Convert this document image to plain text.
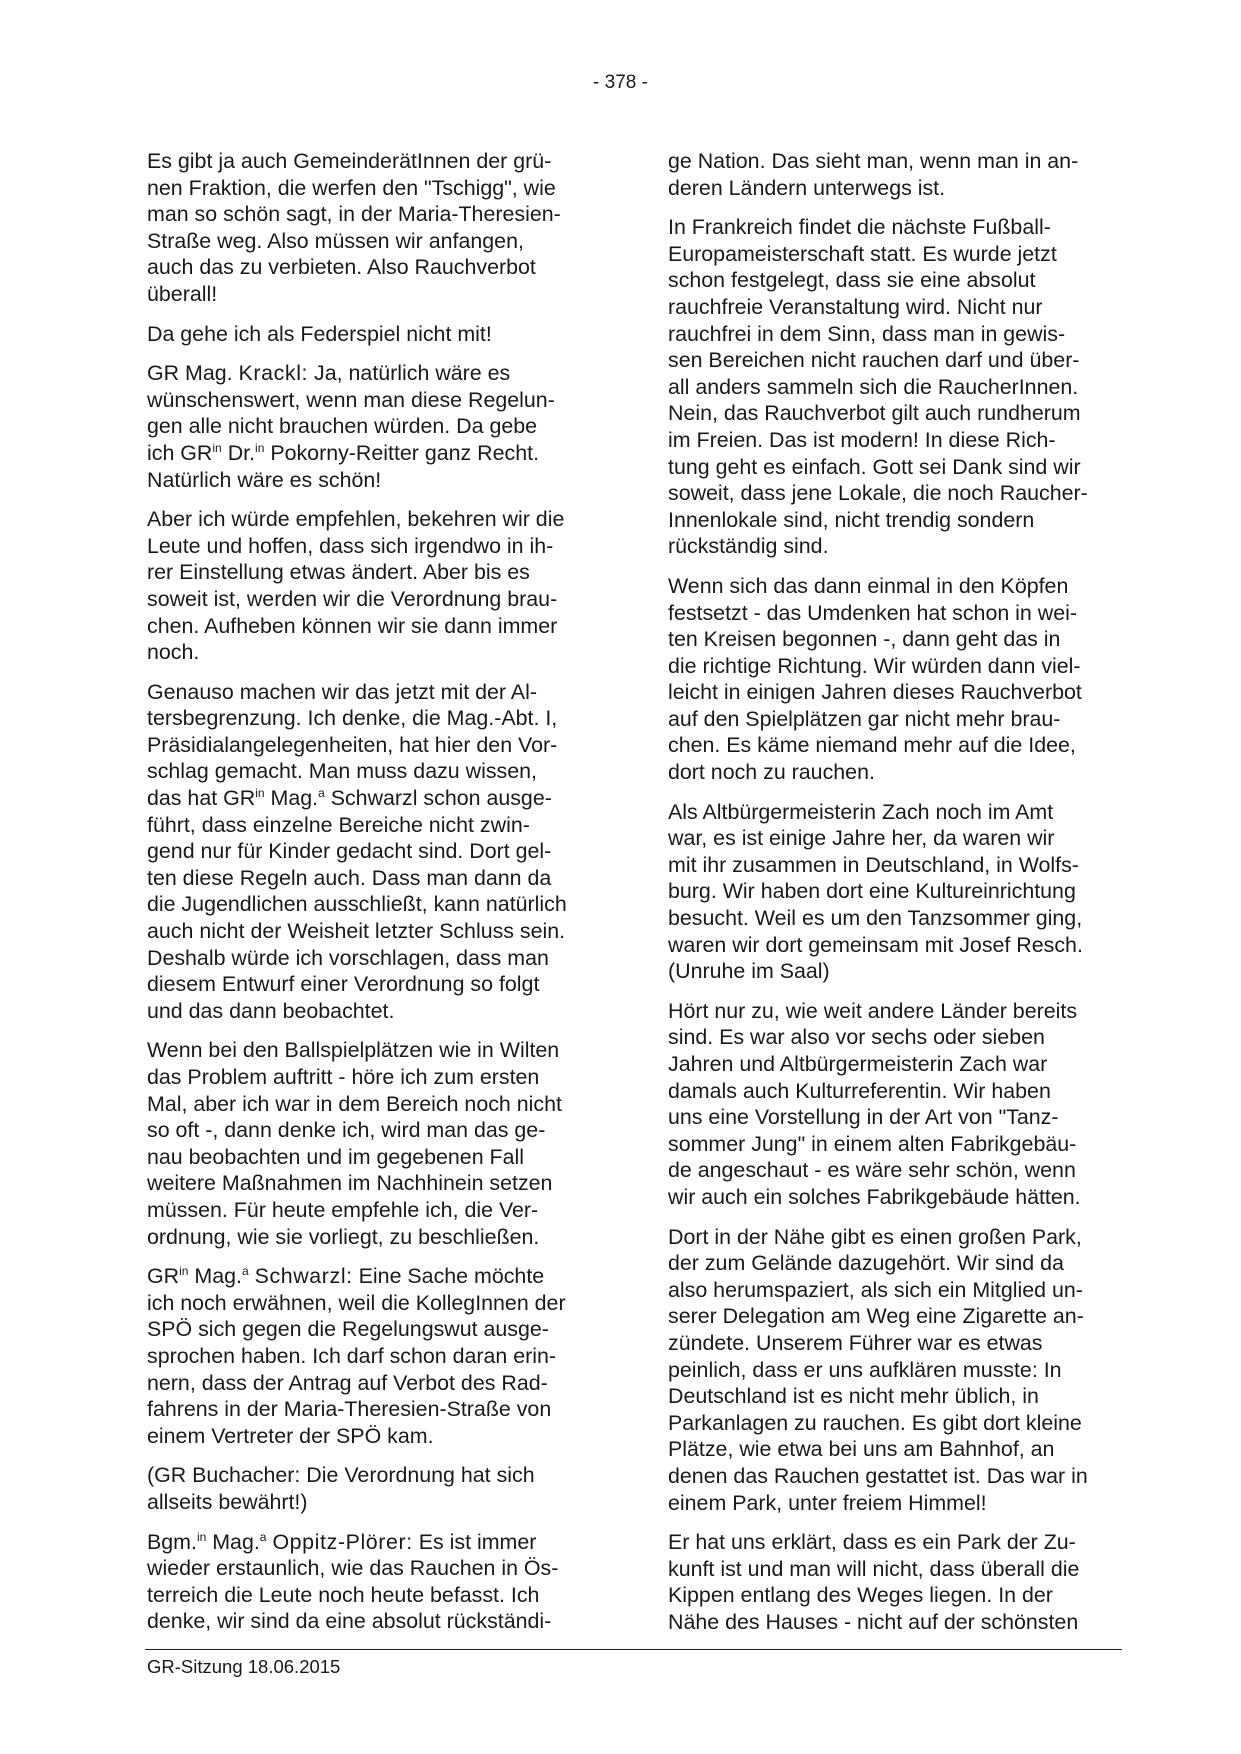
- 378 -
Es gibt ja auch GemeinderätInnen der grü-
nen Fraktion, die werfen den "Tschigg", wie
man so schön sagt, in der Maria-Theresien-
Straße weg. Also müssen wir anfangen,
auch das zu verbieten. Also Rauchverbot
überall!
Da gehe ich als Federspiel nicht mit!
GR Mag. Krackl: Ja, natürlich wäre es
wünschenswert, wenn man diese Regelun-
gen alle nicht brauchen würden. Da gebe
ich $GR^{in}$ Dr.$^{in}$ Pokorny-Reitter ganz Recht.
Natürlich wäre es schön!
Aber ich würde empfehlen, bekehren wir die
Leute und hoffen, dass sich irgendwo in ih-
rer Einstellung etwas ändert. Aber bis es
soweit ist, werden wir die Verordnung brau-
chen. Aufheben können wir sie dann immer
noch.
Genauso machen wir das jetzt mit der Al-
tersbegrenzung. Ich denke, die Mag.-Abt. I,
Präsidialangelegenheiten, hat hier den Vor-
schlag gemacht. Man muss dazu wissen,
das hat $GR^{in}$ Mag.$^a$ Schwarzl schon ausge-
führt, dass einzelne Bereiche nicht zwin-
gend nur für Kinder gedacht sind. Dort gel-
ten diese Regeln auch. Dass man dann da
die Jugendlichen ausschließt, kann natürlich
auch nicht der Weisheit letzter Schluss sein.
Deshalb würde ich vorschlagen, dass man
diesem Entwurf einer Verordnung so folgt
und das dann beobachtet.
Wenn bei den Ballspielplätzen wie in Wilten
das Problem auftritt - höre ich zum ersten
Mal, aber ich war in dem Bereich noch nicht
so oft -, dann denke ich, wird man das ge-
nau beobachten und im gegebenen Fall
weitere Maßnahmen im Nachhinein setzen
müssen. Für heute empfehle ich, die Ver-
ordnung, wie sie vorliegt, zu beschließen.
$GR^{in}$ Mag.$^a$ Schwarzl: Eine Sache möchte
ich noch erwähnen, weil die KollegInnen der
SPÖ sich gegen die Regelungswut ausge-
sprochen haben. Ich darf schon daran erin-
nern, dass der Antrag auf Verbot des Rad-
fahrens in der Maria-Theresien-Straße von
einem Vertreter der SPÖ kam.
(GR Buchacher: Die Verordnung hat sich
allseits bewährt!)
Bgm.$^{in}$ Mag.$^a$ Oppitz-Plörer: Es ist immer
wieder erstaunlich, wie das Rauchen in Ös-
terreich die Leute noch heute befasst. Ich
denke, wir sind da eine absolut rückständi-
ge Nation. Das sieht man, wenn man in an-
deren Ländern unterwegs ist.
In Frankreich findet die nächste Fußball-
Europameisterschaft statt. Es wurde jetzt
schon festgelegt, dass sie eine absolut
rauchfreie Veranstaltung wird. Nicht nur
rauchfrei in dem Sinn, dass man in gewis-
sen Bereichen nicht rauchen darf und über-
all anders sammeln sich die RaucherInnen.
Nein, das Rauchverbot gilt auch rundherum
im Freien. Das ist modern! In diese Rich-
tung geht es einfach. Gott sei Dank sind wir
soweit, dass jene Lokale, die noch Raucher-
Innenlokale sind, nicht trendig sondern
rückständig sind.
Wenn sich das dann einmal in den Köpfen
festsetzt - das Umdenken hat schon in wei-
ten Kreisen begonnen -, dann geht das in
die richtige Richtung. Wir würden dann viel-
leicht in einigen Jahren dieses Rauchverbot
auf den Spielplätzen gar nicht mehr brau-
chen. Es käme niemand mehr auf die Idee,
dort noch zu rauchen.
Als Altbürgermeisterin Zach noch im Amt
war, es ist einige Jahre her, da waren wir
mit ihr zusammen in Deutschland, in Wolfs-
burg. Wir haben dort eine Kultureinrichtung
besucht. Weil es um den Tanzsommer ging,
waren wir dort gemeinsam mit Josef Resch.
(Unruhe im Saal)
Hört nur zu, wie weit andere Länder bereits
sind. Es war also vor sechs oder sieben
Jahren und Altbürgermeisterin Zach war
damals auch Kulturreferentin. Wir haben
uns eine Vorstellung in der Art von "Tanz-
sommer Jung" in einem alten Fabrikgebäu-
de angeschaut - es wäre sehr schön, wenn
wir auch ein solches Fabrikgebäude hätten.
Dort in der Nähe gibt es einen großen Park,
der zum Gelände dazugehört. Wir sind da
also herumspaziert, als sich ein Mitglied un-
serer Delegation am Weg eine Zigarette an-
zündete. Unserem Führer war es etwas
peinlich, dass er uns aufklären musste: In
Deutschland ist es nicht mehr üblich, in
Parkanlagen zu rauchen. Es gibt dort kleine
Plätze, wie etwa bei uns am Bahnhof, an
denen das Rauchen gestattet ist. Das war in
einem Park, unter freiem Himmel!
Er hat uns erklärt, dass es ein Park der Zu-
kunft ist und man will nicht, dass überall die
Kippen entlang des Weges liegen. In der
Nähe des Hauses - nicht auf der schönsten
GR-Sitzung 18.06.2015
